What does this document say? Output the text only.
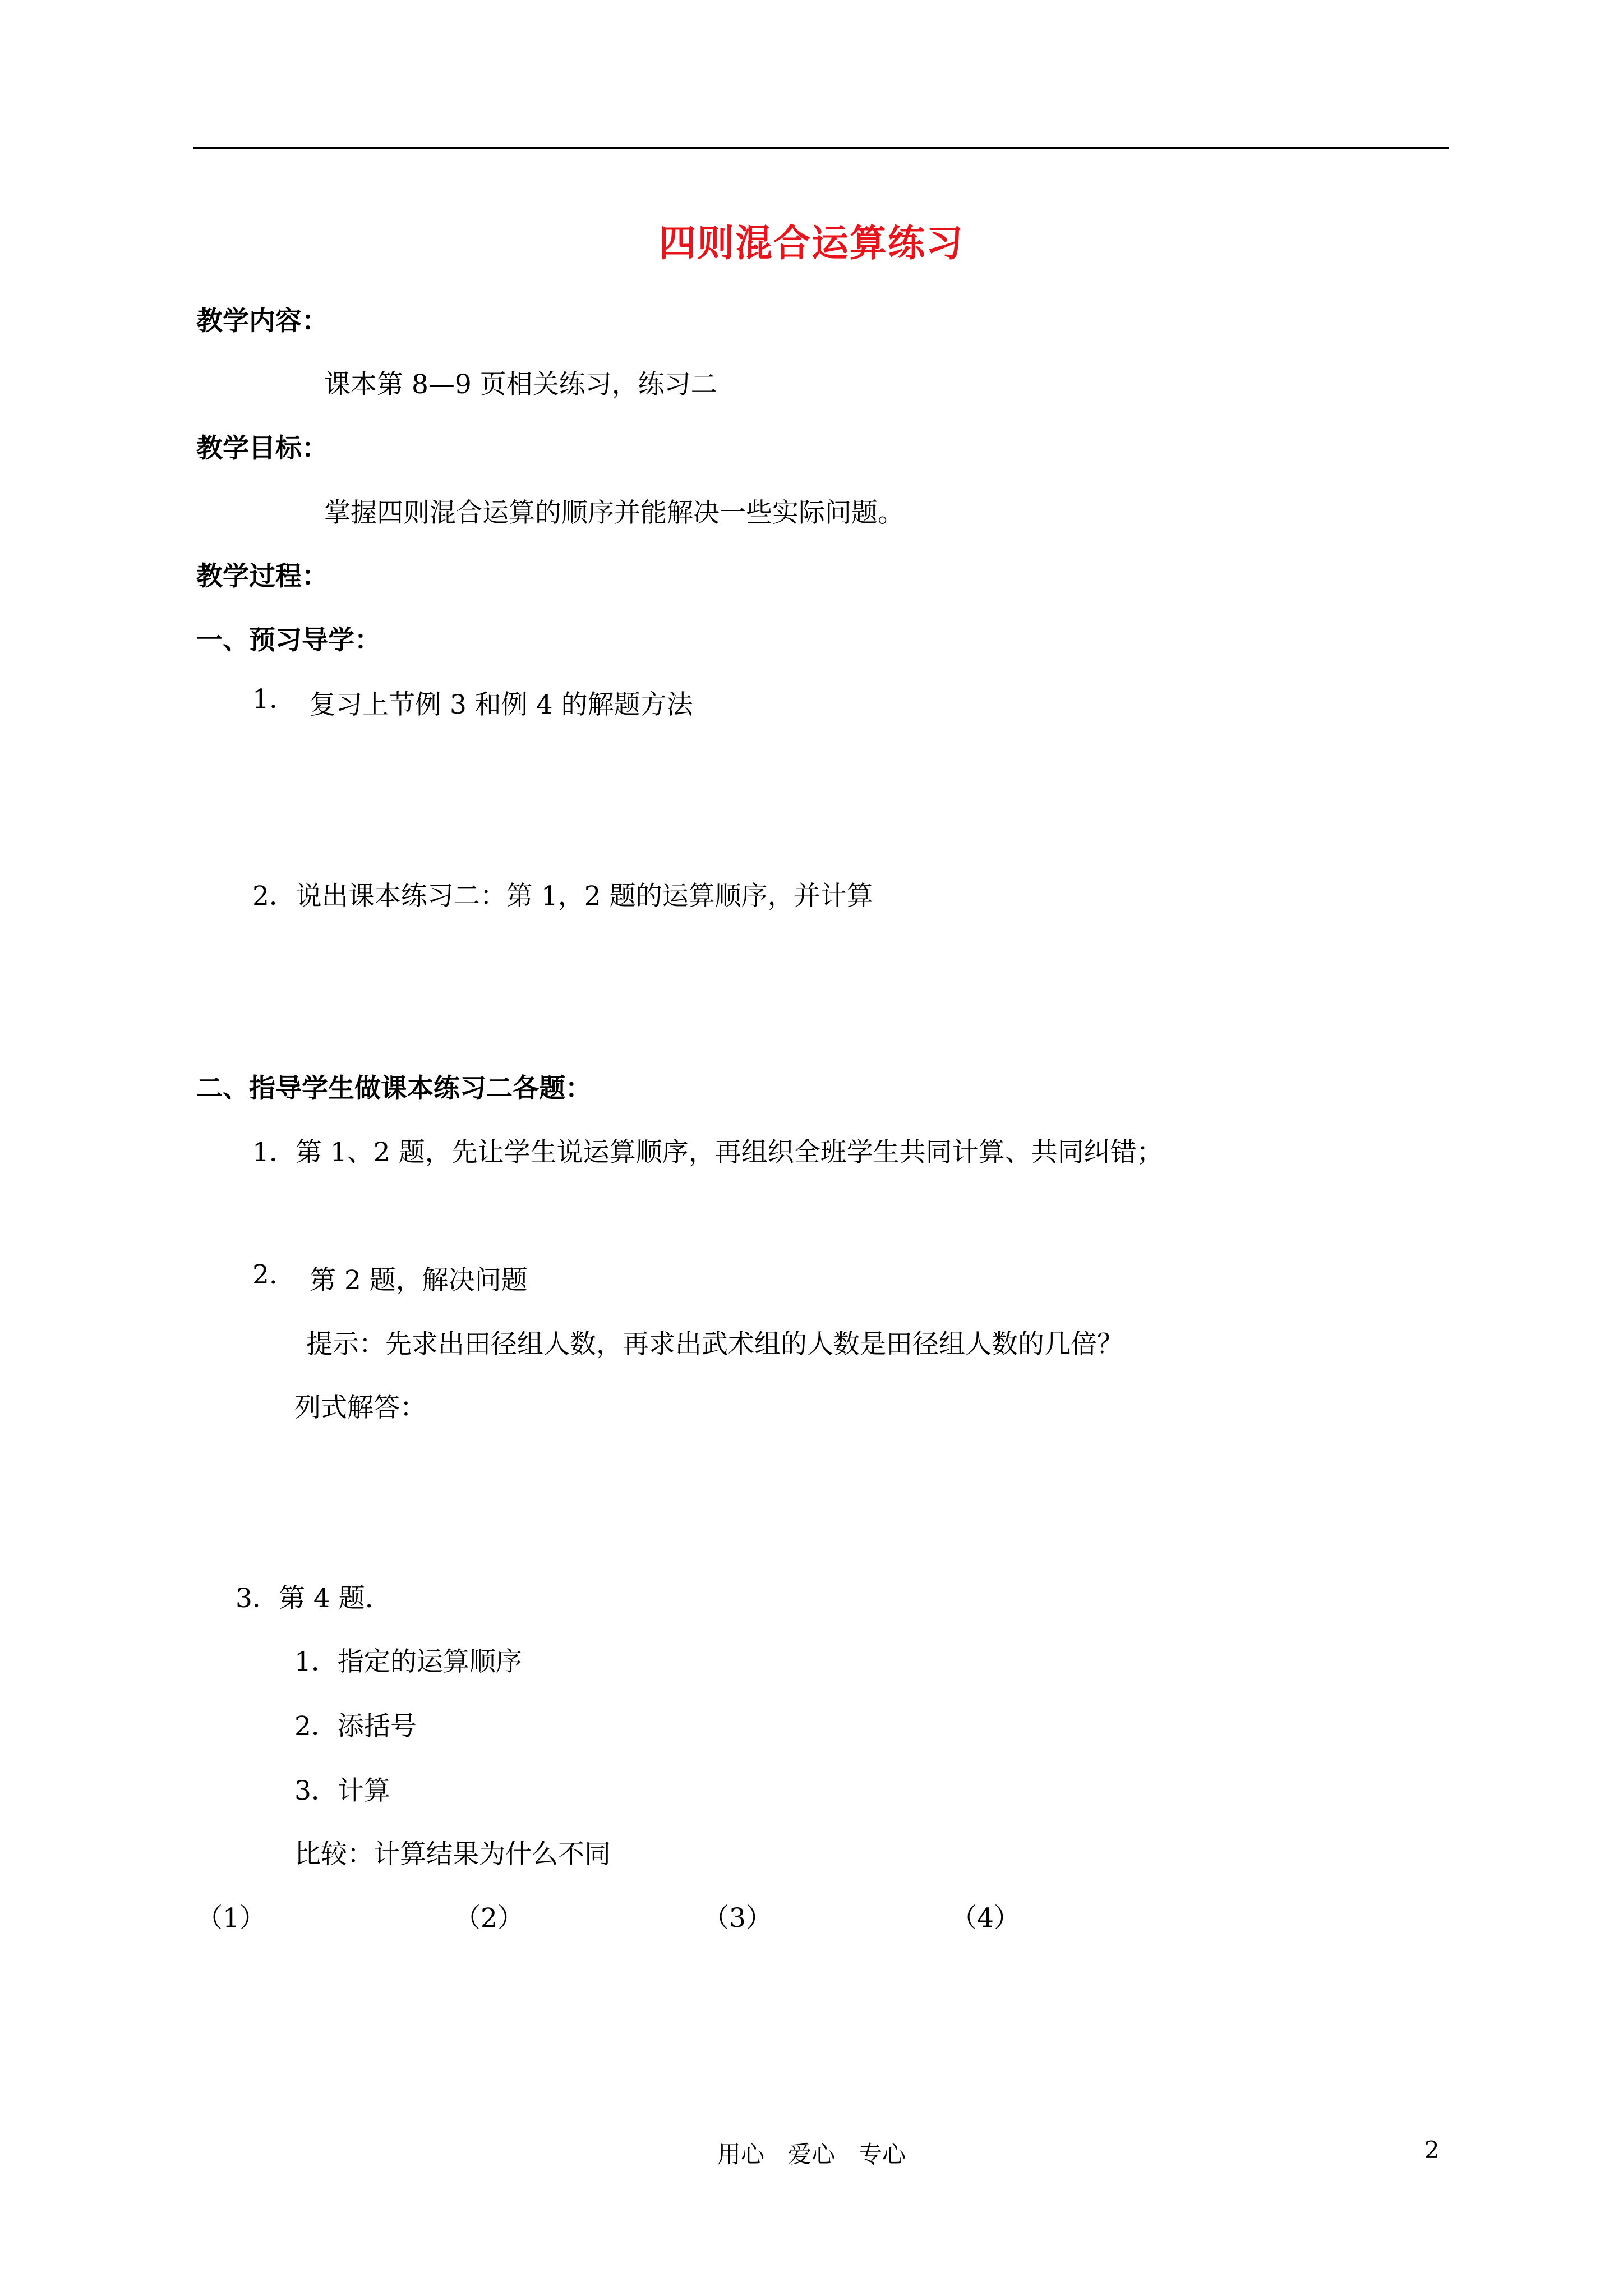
四则混合运算练习
教学内容：
课本第 8—9 页相关练习，练习二
教学目标：
掌握四则混合运算的顺序并能解决一些实际问题。
教学过程：
一、预习导学：
1. 复习上节例 3 和例 4 的解题方法
2．说出课本练习二：第 1，2 题的运算顺序，并计算
二、指导学生做课本练习二各题：
1．第 1、2 题，先让学生说运算顺序，再组织全班学生共同计算、共同纠错；
2. 第 2 题，解决问题
提示：先求出田径组人数，再求出武术组的人数是田径组人数的几倍？
列式解答：
3．第 4 题.
1．指定的运算顺序
2．添括号
3．计算
比较：计算结果为什么不同
（1）	（2）	（3）	（4）
用心　爱心　专心	2
